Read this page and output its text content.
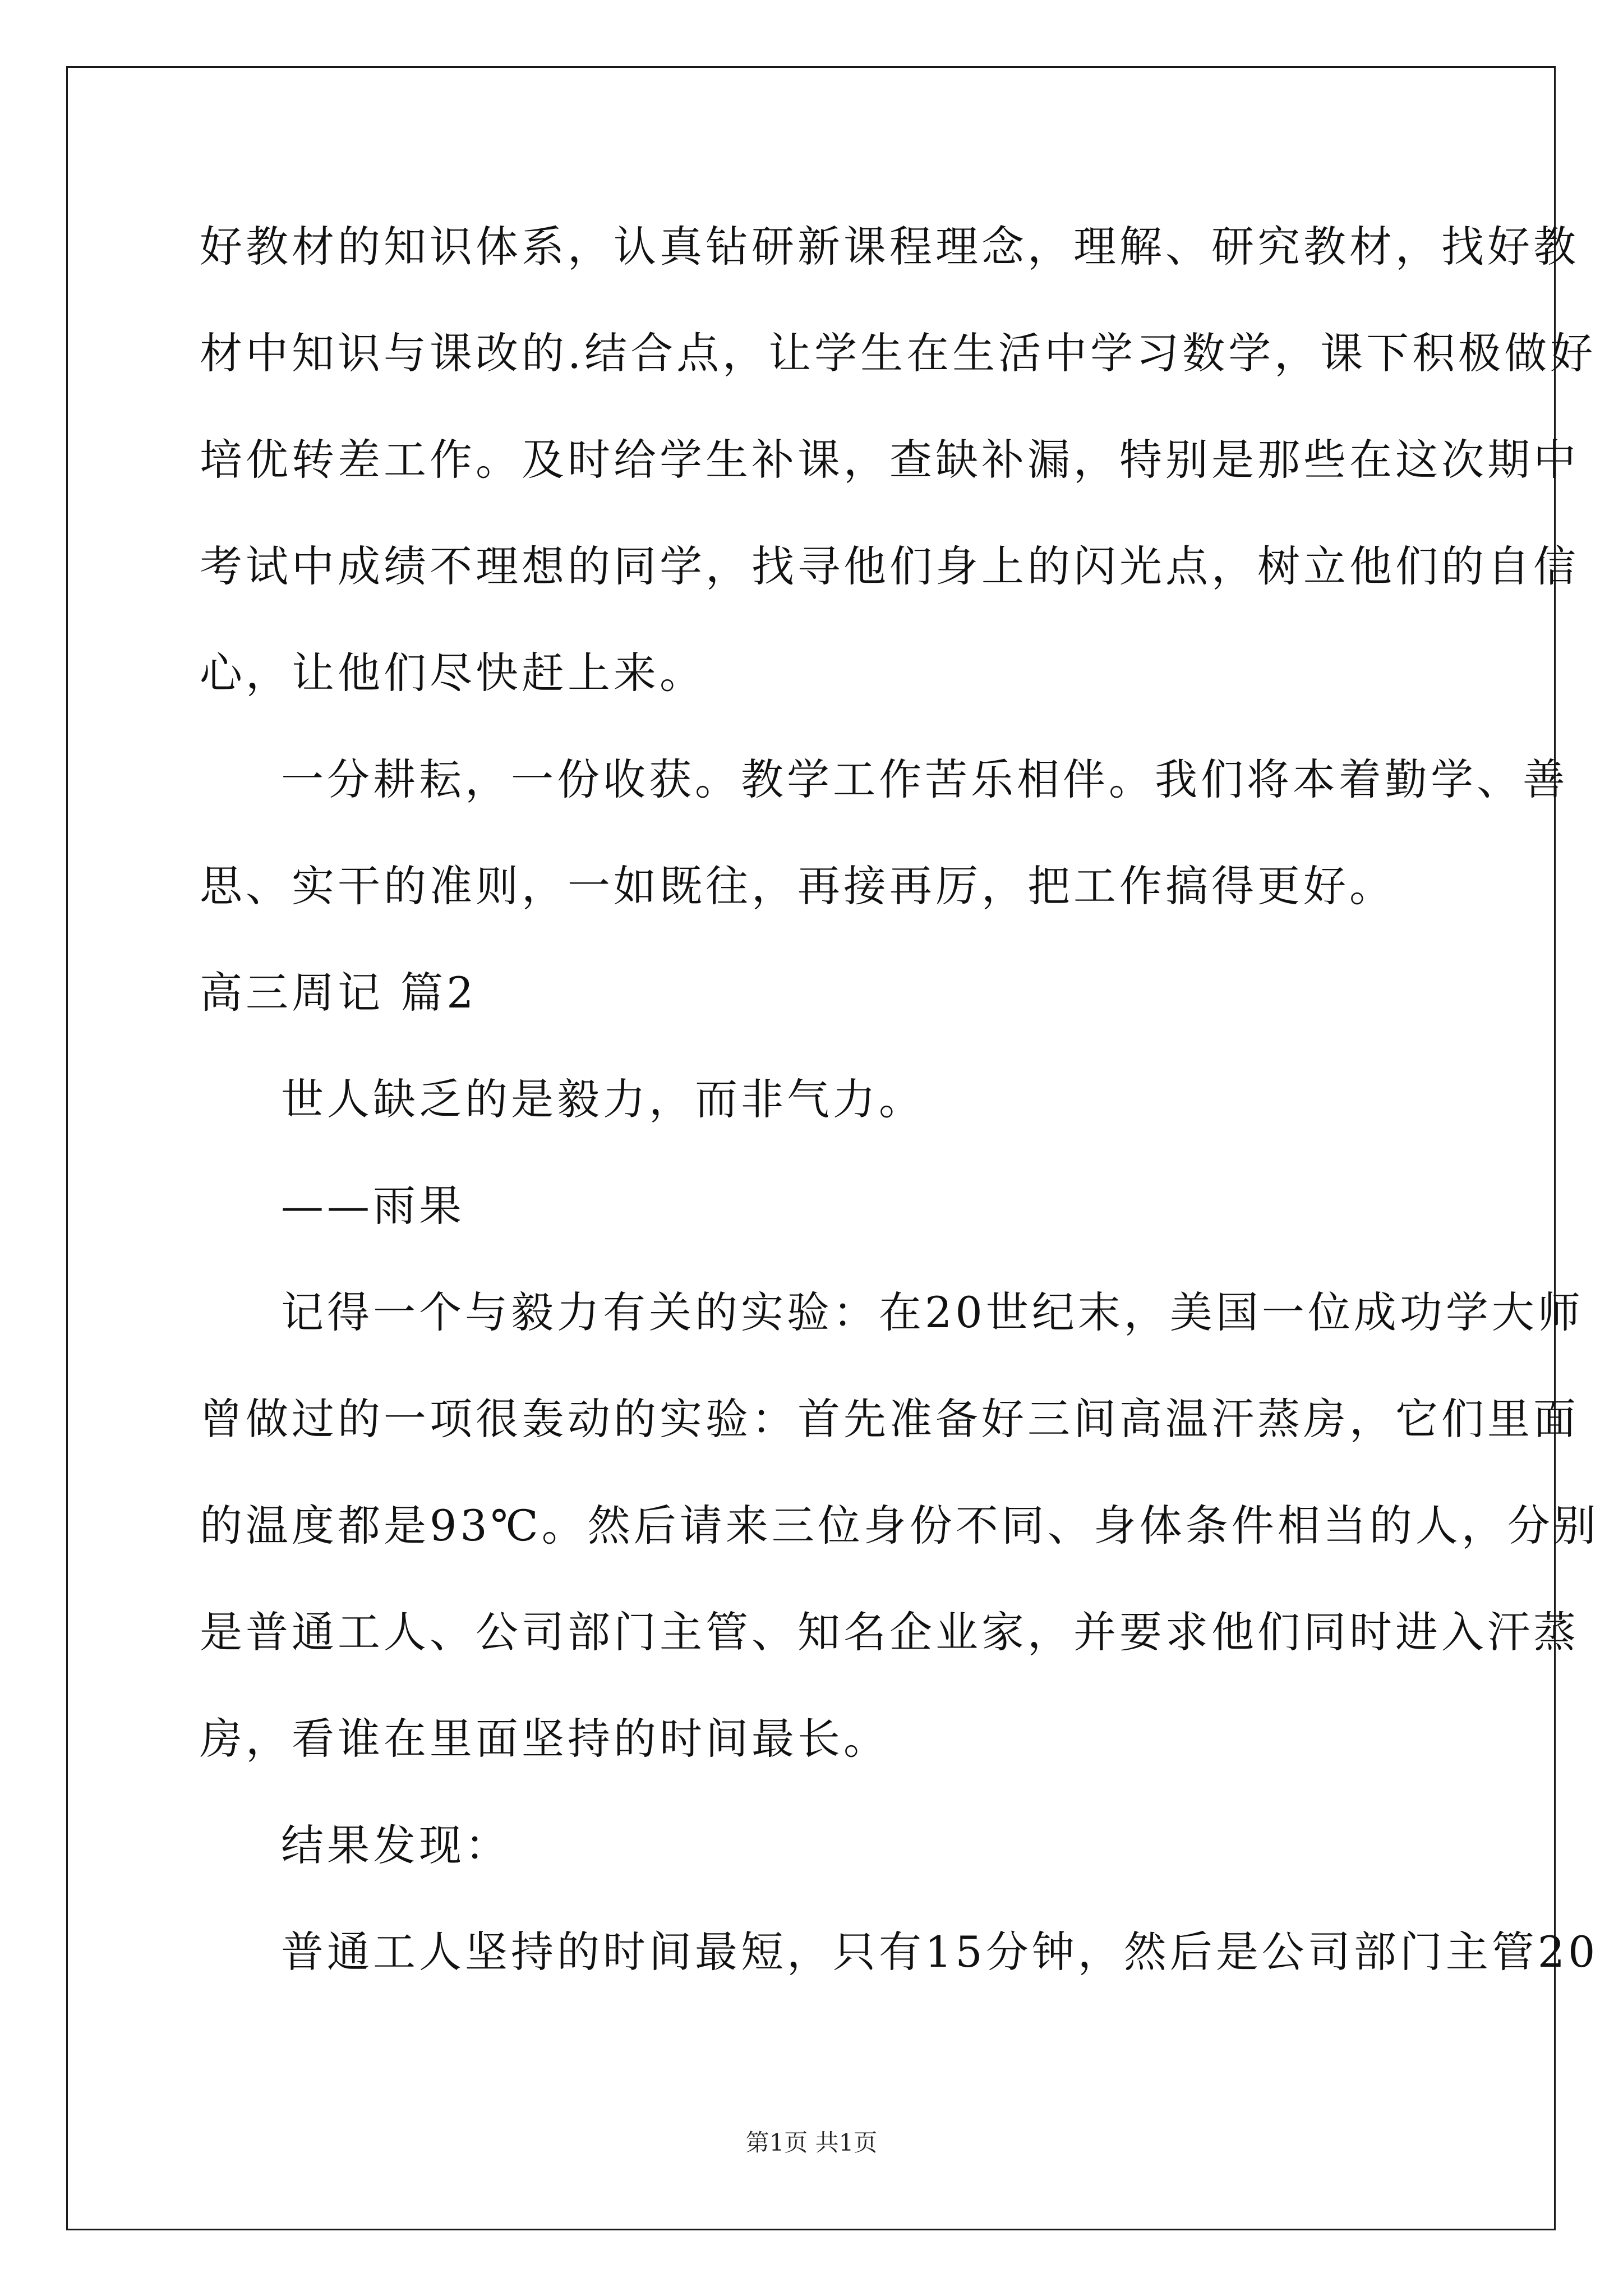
好教材的知识体系，认真钻研新课程理念，理解、研究教材，找好教
材中知识与课改的.结合点，让学生在生活中学习数学，课下积极做好
培优转差工作。及时给学生补课，查缺补漏，特别是那些在这次期中
考试中成绩不理想的同学，找寻他们身上的闪光点，树立他们的自信
心，让他们尽快赶上来。
一分耕耘，一份收获。教学工作苦乐相伴。我们将本着勤学、善
思、实干的准则，一如既往，再接再厉，把工作搞得更好。
高三周记 篇2
世人缺乏的是毅力，而非气力。
——雨果
记得一个与毅力有关的实验：在20世纪末，美国一位成功学大师
曾做过的一项很轰动的实验：首先准备好三间高温汗蒸房，它们里面
的温度都是93℃。然后请来三位身份不同、身体条件相当的人，分别
是普通工人、公司部门主管、知名企业家，并要求他们同时进入汗蒸
房，看谁在里面坚持的时间最长。
结果发现：
普通工人坚持的时间最短，只有15分钟，然后是公司部门主管20
第1页 共1页
